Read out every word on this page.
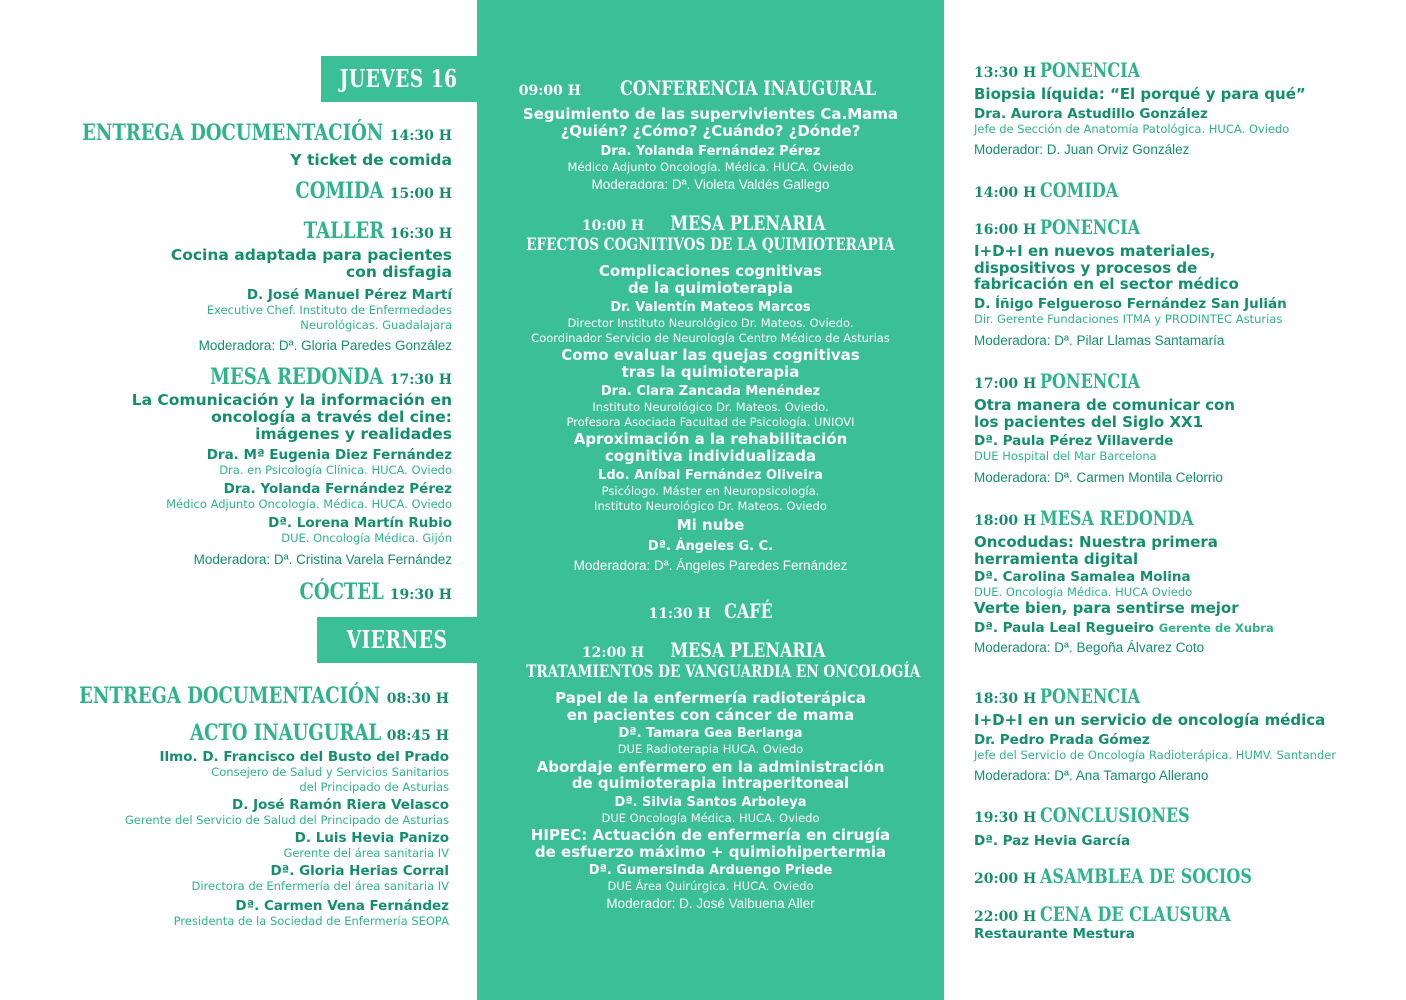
JUEVES 16
ENTREGA DOCUMENTACIÓN 14:30 H
Y ticket de comida
COMIDA 15:00 H
TALLER 16:30 H
Cocina adaptada para pacientes
con disfagia
D. José Manuel Pérez Martí
Executive Chef. Instituto de Enfermedades
Neurológicas. Guadalajara
Moderadora: Dª. Gloria Paredes González
MESA REDONDA 17:30 H
La Comunicación y la información en
oncología a través del cine:
imágenes y realidades
Dra. Mª Eugenia Diez Fernández
Dra. en Psicología Clínica. HUCA. Oviedo
Dra. Yolanda Fernández Pérez
Médico Adjunto Oncología. Médica. HUCA. Oviedo
Dª. Lorena Martín Rubio
DUE. Oncología Médica. Gijón
Moderadora: Dª. Cristina Varela Fernández
CÓCTEL 19:30 H
VIERNES 17
ENTREGA DOCUMENTACIÓN 08:30 H
ACTO INAUGURAL 08:45 H
Ilmo. D. Francisco del Busto del Prado
Consejero de Salud y Servicios Sanitarios
del Principado de Asturias
D. José Ramón Riera Velasco
Gerente del Servicio de Salud del Principado de Asturias
D. Luis Hevia Panizo
Gerente del área sanitaria IV
Dª. Gloria Herias Corral
Directora de Enfermería del área sanitaria IV
Dª. Carmen Vena Fernández
Presidenta de la Sociedad de Enfermería SEOPA
09:00 H CONFERENCIA INAUGURAL
Seguimiento de las supervivientes Ca.Mama
¿Quién? ¿Cómo? ¿Cuándo? ¿Dónde?
Dra. Yolanda Fernández Pérez
Médico Adjunto Oncología. Médica. HUCA. Oviedo
Moderadora: Dª. Violeta Valdés Gallego
10:00 H MESA PLENARIA
EFECTOS COGNITIVOS DE LA QUIMIOTERAPIA
Complicaciones cognitivas
de la quimioterapia
Dr. Valentín Mateos Marcos
Director Instituto Neurológico Dr. Mateos. Oviedo.
Coordinador Servicio de Neurología Centro Médico de Asturias
Como evaluar las quejas cognitivas
tras la quimioterapia
Dra. Clara Zancada Menéndez
Instituto Neurológico Dr. Mateos. Oviedo.
Profesora Asociada Facultad de Psicología. UNIOVI
Aproximación a la rehabilitación
cognitiva individualizada
Ldo. Aníbal Fernández Oliveira
Psicólogo. Máster en Neuropsicología.
Instituto Neurológico Dr. Mateos. Oviedo
Mi nube
Dª. Ángeles G. C.
Moderadora: Dª. Ángeles Paredes Fernández
11:30 H CAFÉ
12:00 H MESA PLENARIA
TRATAMIENTOS DE VANGUARDIA EN ONCOLOGÍA
Papel de la enfermería radioterápica
en pacientes con cáncer de mama
Dª. Tamara Gea Berlanga
DUE Radioterapia HUCA. Oviedo
Abordaje enfermero en la administración
de quimioterapia intraperitoneal
Dª. Silvia Santos Arboleya
DUE Oncología Médica. HUCA. Oviedo
HIPEC: Actuación de enfermería en cirugía
de esfuerzo máximo + quimiohipertermia
Dª. Gumersinda Arduengo Priede
DUE Área Quirúrgica. HUCA. Oviedo
Moderador: D. José Valbuena Aller
13:30 H PONENCIA
Biopsia líquida: “El porqué y para qué”
Dra. Aurora Astudillo González
Jefe de Sección de Anatomía Patológica. HUCA. Oviedo
Moderador: D. Juan Orviz González
14:00 H COMIDA
16:00 H PONENCIA
I+D+I en nuevos materiales,
dispositivos y procesos de
fabricación en el sector médico
D. Íñigo Felgueroso Fernández San Julián
Dir. Gerente Fundaciones ITMA y PRODINTEC Asturias
Moderadora: Dª. Pilar Llamas Santamaría
17:00 H PONENCIA
Otra manera de comunicar con
los pacientes del Siglo XX1
Dª. Paula Pérez Villaverde
DUE Hospital del Mar Barcelona
Moderadora: Dª. Carmen Montila Celorrio
18:00 H MESA REDONDA
Oncodudas: Nuestra primera
herramienta digital
Dª. Carolina Samalea Molina
DUE. Oncología Médica. HUCA Oviedo
Verte bien, para sentirse mejor
Dª. Paula Leal Regueiro Gerente de Xubra
Moderadora: Dª. Begoña Álvarez Coto
18:30 H PONENCIA
I+D+I en un servicio de oncología médica
Dr. Pedro Prada Gómez
Jefe del Servicio de Oncología Radioterápica. HUMV. Santander
Moderadora: Dª. Ana Tamargo Allerano
19:30 H CONCLUSIONES
Dª. Paz Hevia García
20:00 H ASAMBLEA DE SOCIOS
22:00 H CENA DE CLAUSURA
Restaurante Mestura
